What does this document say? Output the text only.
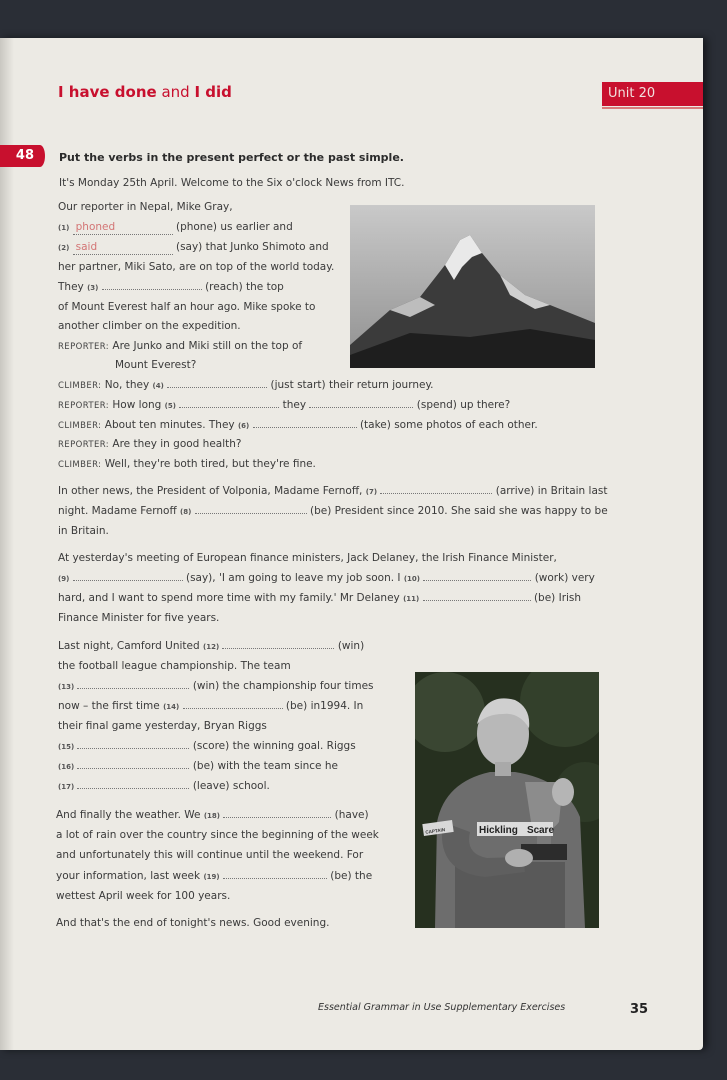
I have done and I did	Unit 20
48	Put the verbs in the present perfect or the past simple.
It's Monday 25th April. Welcome to the Six o'clock News from ITC.
Our reporter in Nepal, Mike Gray,
(1) phoned	(phone) us earlier and
(2) said	(say) that Junko Shimoto and
her partner, Miki Sato, are on top of the world today.
They (3)	(reach) the top
of Mount Everest half an hour ago. Mike spoke to
another climber on the expedition.
REPORTER: Are Junko and Miki still on the top of
Mount Everest?
CLIMBER: No, they (4)	(just start) their return journey.
REPORTER: How long (5)	they	(spend) up there?
CLIMBER: About ten minutes. They (6)	(take) some photos of each other.
REPORTER: Are they in good health?
CLIMBER: Well, they're both tired, but they're fine.
In other news, the President of Volponia, Madame Fernoff, (7)	(arrive) in Britain last
night. Madame Fernoff (8)	(be) President since 2010. She said she was happy to be
in Britain.
At yesterday's meeting of European finance ministers, Jack Delaney, the Irish Finance Minister,
(9)	(say), 'I am going to leave my job soon. I (10)	(work) very
hard, and I want to spend more time with my family.' Mr Delaney (11)	(be) Irish
Finance Minister for five years.
Last night, Camford United (12)	(win)
the football league championship. The team
(13)	(win) the championship four times
now – the first time (14)	(be) in1994. In
their final game yesterday, Bryan Riggs
(15)	(score) the winning goal. Riggs
(16)	(be) with the team since he
(17)	(leave) school.
And finally the weather. We (18)	(have)
a lot of rain over the country since the beginning of the week
and unfortunately this will continue until the weekend. For
your information, last week (19)	(be) the
wettest April week for 100 years.
And that's the end of tonight's news. Good evening.
Hickling Sc are
CAPTAIN
Essential Grammar in Use Supplementary Exercises	35
